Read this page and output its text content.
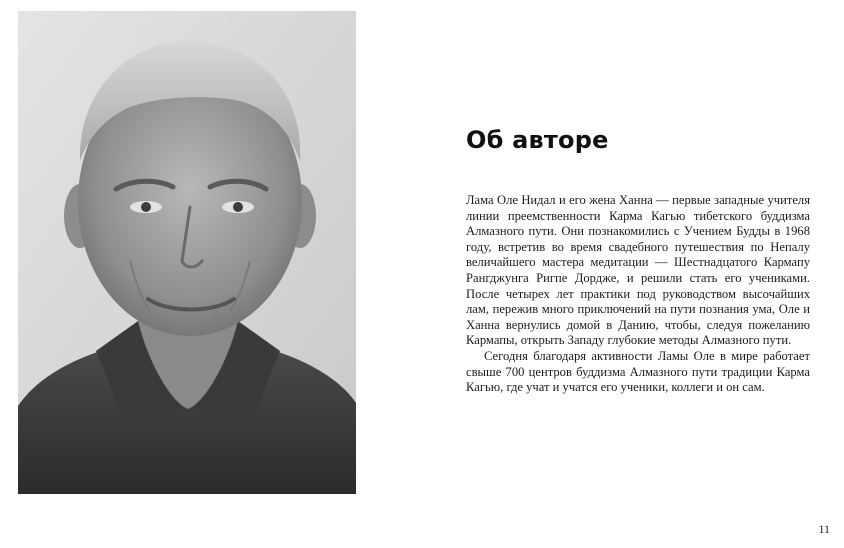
Об авторе

Лама Оле Нидал и его жена Ханна — первые западные учителя линии преемственности Карма Кагью тибетского буддизма Алмазного пути. Они познакомились с Учением Будды в 1968 году, встретив во время свадебного путешествия по Непалу величайшего мастера медитации — Шестнадцатого Кармапу Рангджунга Ригпе Дордже, и решили стать его учениками. После четырех лет практики под руководством высочайших лам, пережив много приключений на пути познания ума, Оле и Ханна вернулись домой в Данию, чтобы, следуя пожеланию Кармапы, открыть Западу глубокие методы Алмазного пути.

Сегодня благодаря активности Ламы Оле в мире работает свыше 700 центров буддизма Алмазного пути традиции Карма Кагью, где учат и учатся его ученики, коллеги и он сам.

11
